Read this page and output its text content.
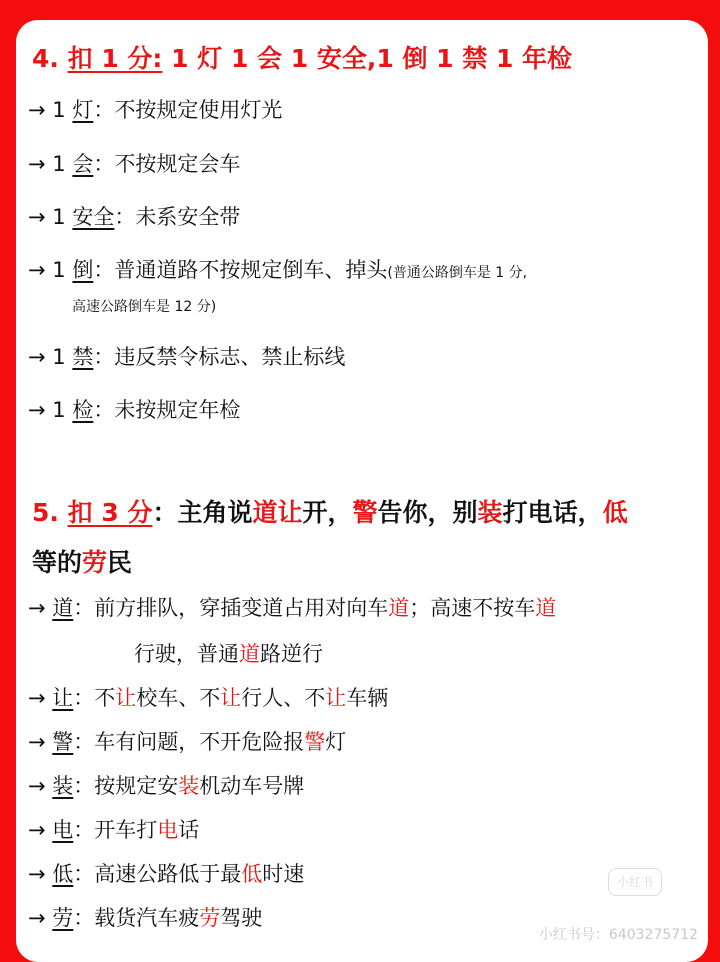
4. 扣 1 分: 1 灯 1 会 1 安全,1 倒 1 禁 1 年检
→ 1 灯：不按规定使用灯光
→ 1 会：不按规定会车
→ 1 安全：未系安全带
→ 1 倒：普通道路不按规定倒车、掉头(普通公路倒车是 1 分,
高速公路倒车是 12 分)
→ 1 禁：违反禁令标志、禁止标线
→ 1 检：未按规定年检
5. 扣 3 分：主角说道让开，警告你，别装打电话，低
等的劳民
→ 道：前方排队，穿插变道占用对向车道；高速不按车道
行驶，普通道路逆行
→ 让：不让校车、不让行人、不让车辆
→ 警：车有问题，不开危险报警灯
→ 装：按规定安装机动车号牌
→ 电：开车打电话
→ 低：高速公路低于最低时速
→ 劳：载货汽车疲劳驾驶
小红书
小红书号：6403275712
